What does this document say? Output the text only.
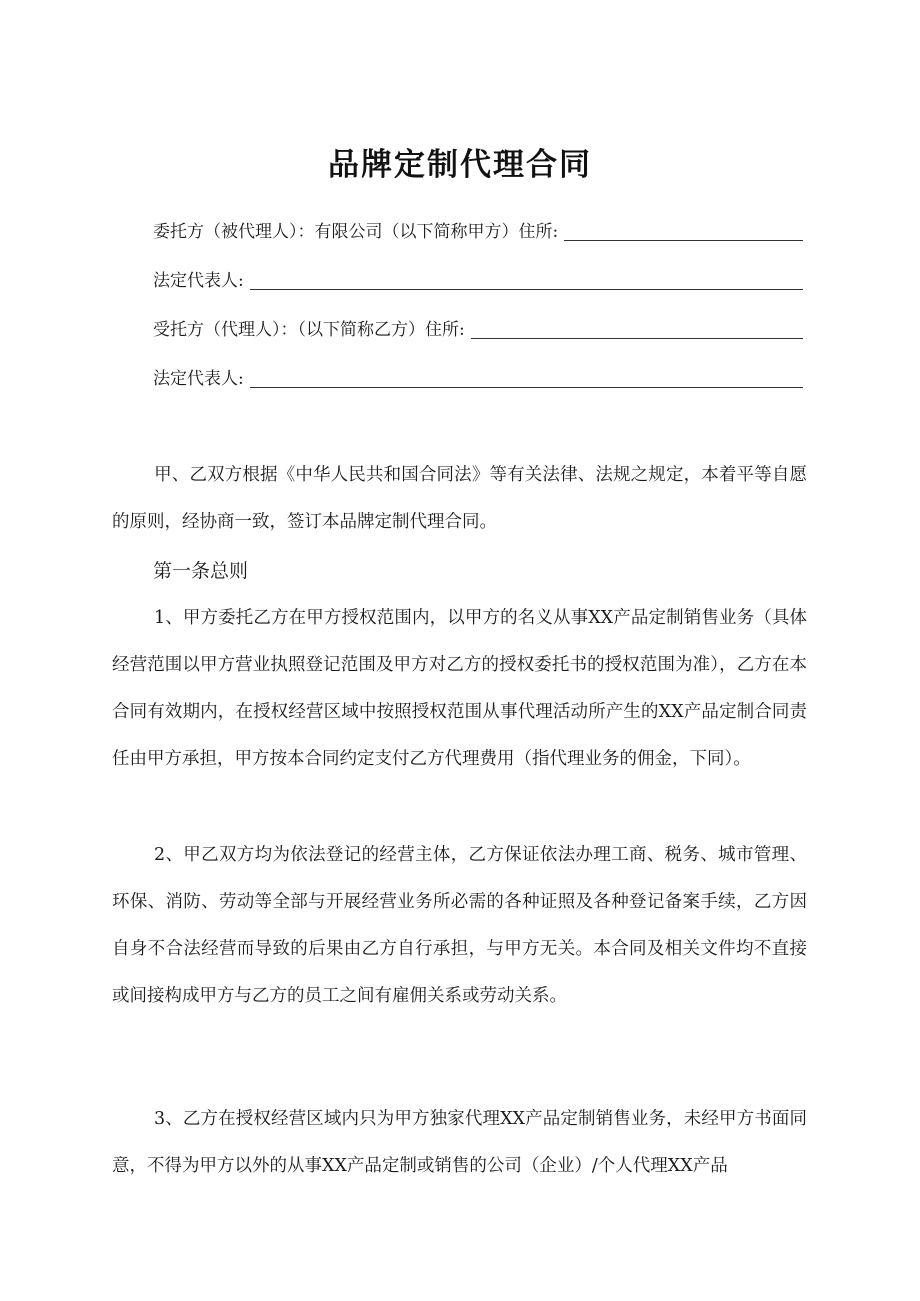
品牌定制代理合同
委托方（被代理人）：有限公司（以下简称甲方）住所:
法定代表人:
受托方（代理人）：（以下简称乙方）住所:
法定代表人:

甲、乙双方根据《中华人民共和国合同法》等有关法律、法规之规定，本着平等自愿的原则，经协商一致，签订本品牌定制代理合同。

第一条总则

1、甲方委托乙方在甲方授权范围内，以甲方的名义从事XX产品定制销售业务（具体经营范围以甲方营业执照登记范围及甲方对乙方的授权委托书的授权范围为准），乙方在本合同有效期内，在授权经营区域中按照授权范围从事代理活动所产生的XX产品定制合同责任由甲方承担，甲方按本合同约定支付乙方代理费用（指代理业务的佣金，下同）。

2、甲乙双方均为依法登记的经营主体，乙方保证依法办理工商、税务、城市管理、环保、消防、劳动等全部与开展经营业务所必需的各种证照及各种登记备案手续，乙方因自身不合法经营而导致的后果由乙方自行承担，与甲方无关。本合同及相关文件均不直接或间接构成甲方与乙方的员工之间有雇佣关系或劳动关系。

3、乙方在授权经营区域内只为甲方独家代理XX产品定制销售业务，未经甲方书面同意，不得为甲方以外的从事XX产品定制或销售的公司（企业）/个人代理XX产品
